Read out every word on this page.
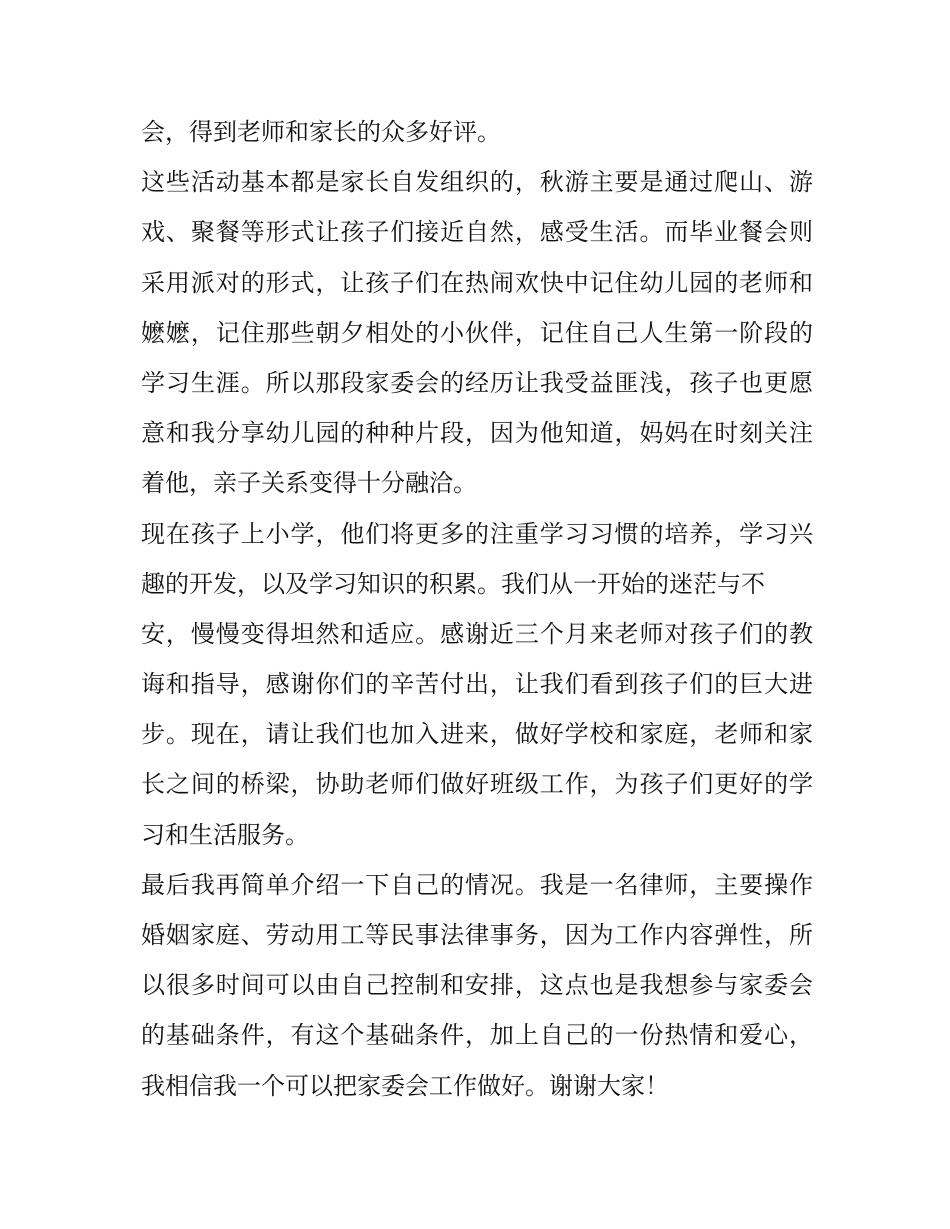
会，得到老师和家长的众多好评。
这些活动基本都是家长自发组织的，秋游主要是通过爬山、游
戏、聚餐等形式让孩子们接近自然，感受生活。而毕业餐会则
采用派对的形式，让孩子们在热闹欢快中记住幼儿园的老师和
嬷嬷，记住那些朝夕相处的小伙伴，记住自己人生第一阶段的
学习生涯。所以那段家委会的经历让我受益匪浅，孩子也更愿
意和我分享幼儿园的种种片段，因为他知道，妈妈在时刻关注
着他，亲子关系变得十分融洽。
现在孩子上小学，他们将更多的注重学习习惯的培养，学习兴
趣的开发，以及学习知识的积累。我们从一开始的迷茫与不
安，慢慢变得坦然和适应。感谢近三个月来老师对孩子们的教
诲和指导，感谢你们的辛苦付出，让我们看到孩子们的巨大进
步。现在，请让我们也加入进来，做好学校和家庭，老师和家
长之间的桥梁，协助老师们做好班级工作，为孩子们更好的学
习和生活服务。
最后我再简单介绍一下自己的情况。我是一名律师，主要操作
婚姻家庭、劳动用工等民事法律事务，因为工作内容弹性，所
以很多时间可以由自己控制和安排，这点也是我想参与家委会
的基础条件，有这个基础条件，加上自己的一份热情和爱心，
我相信我一个可以把家委会工作做好。谢谢大家！
